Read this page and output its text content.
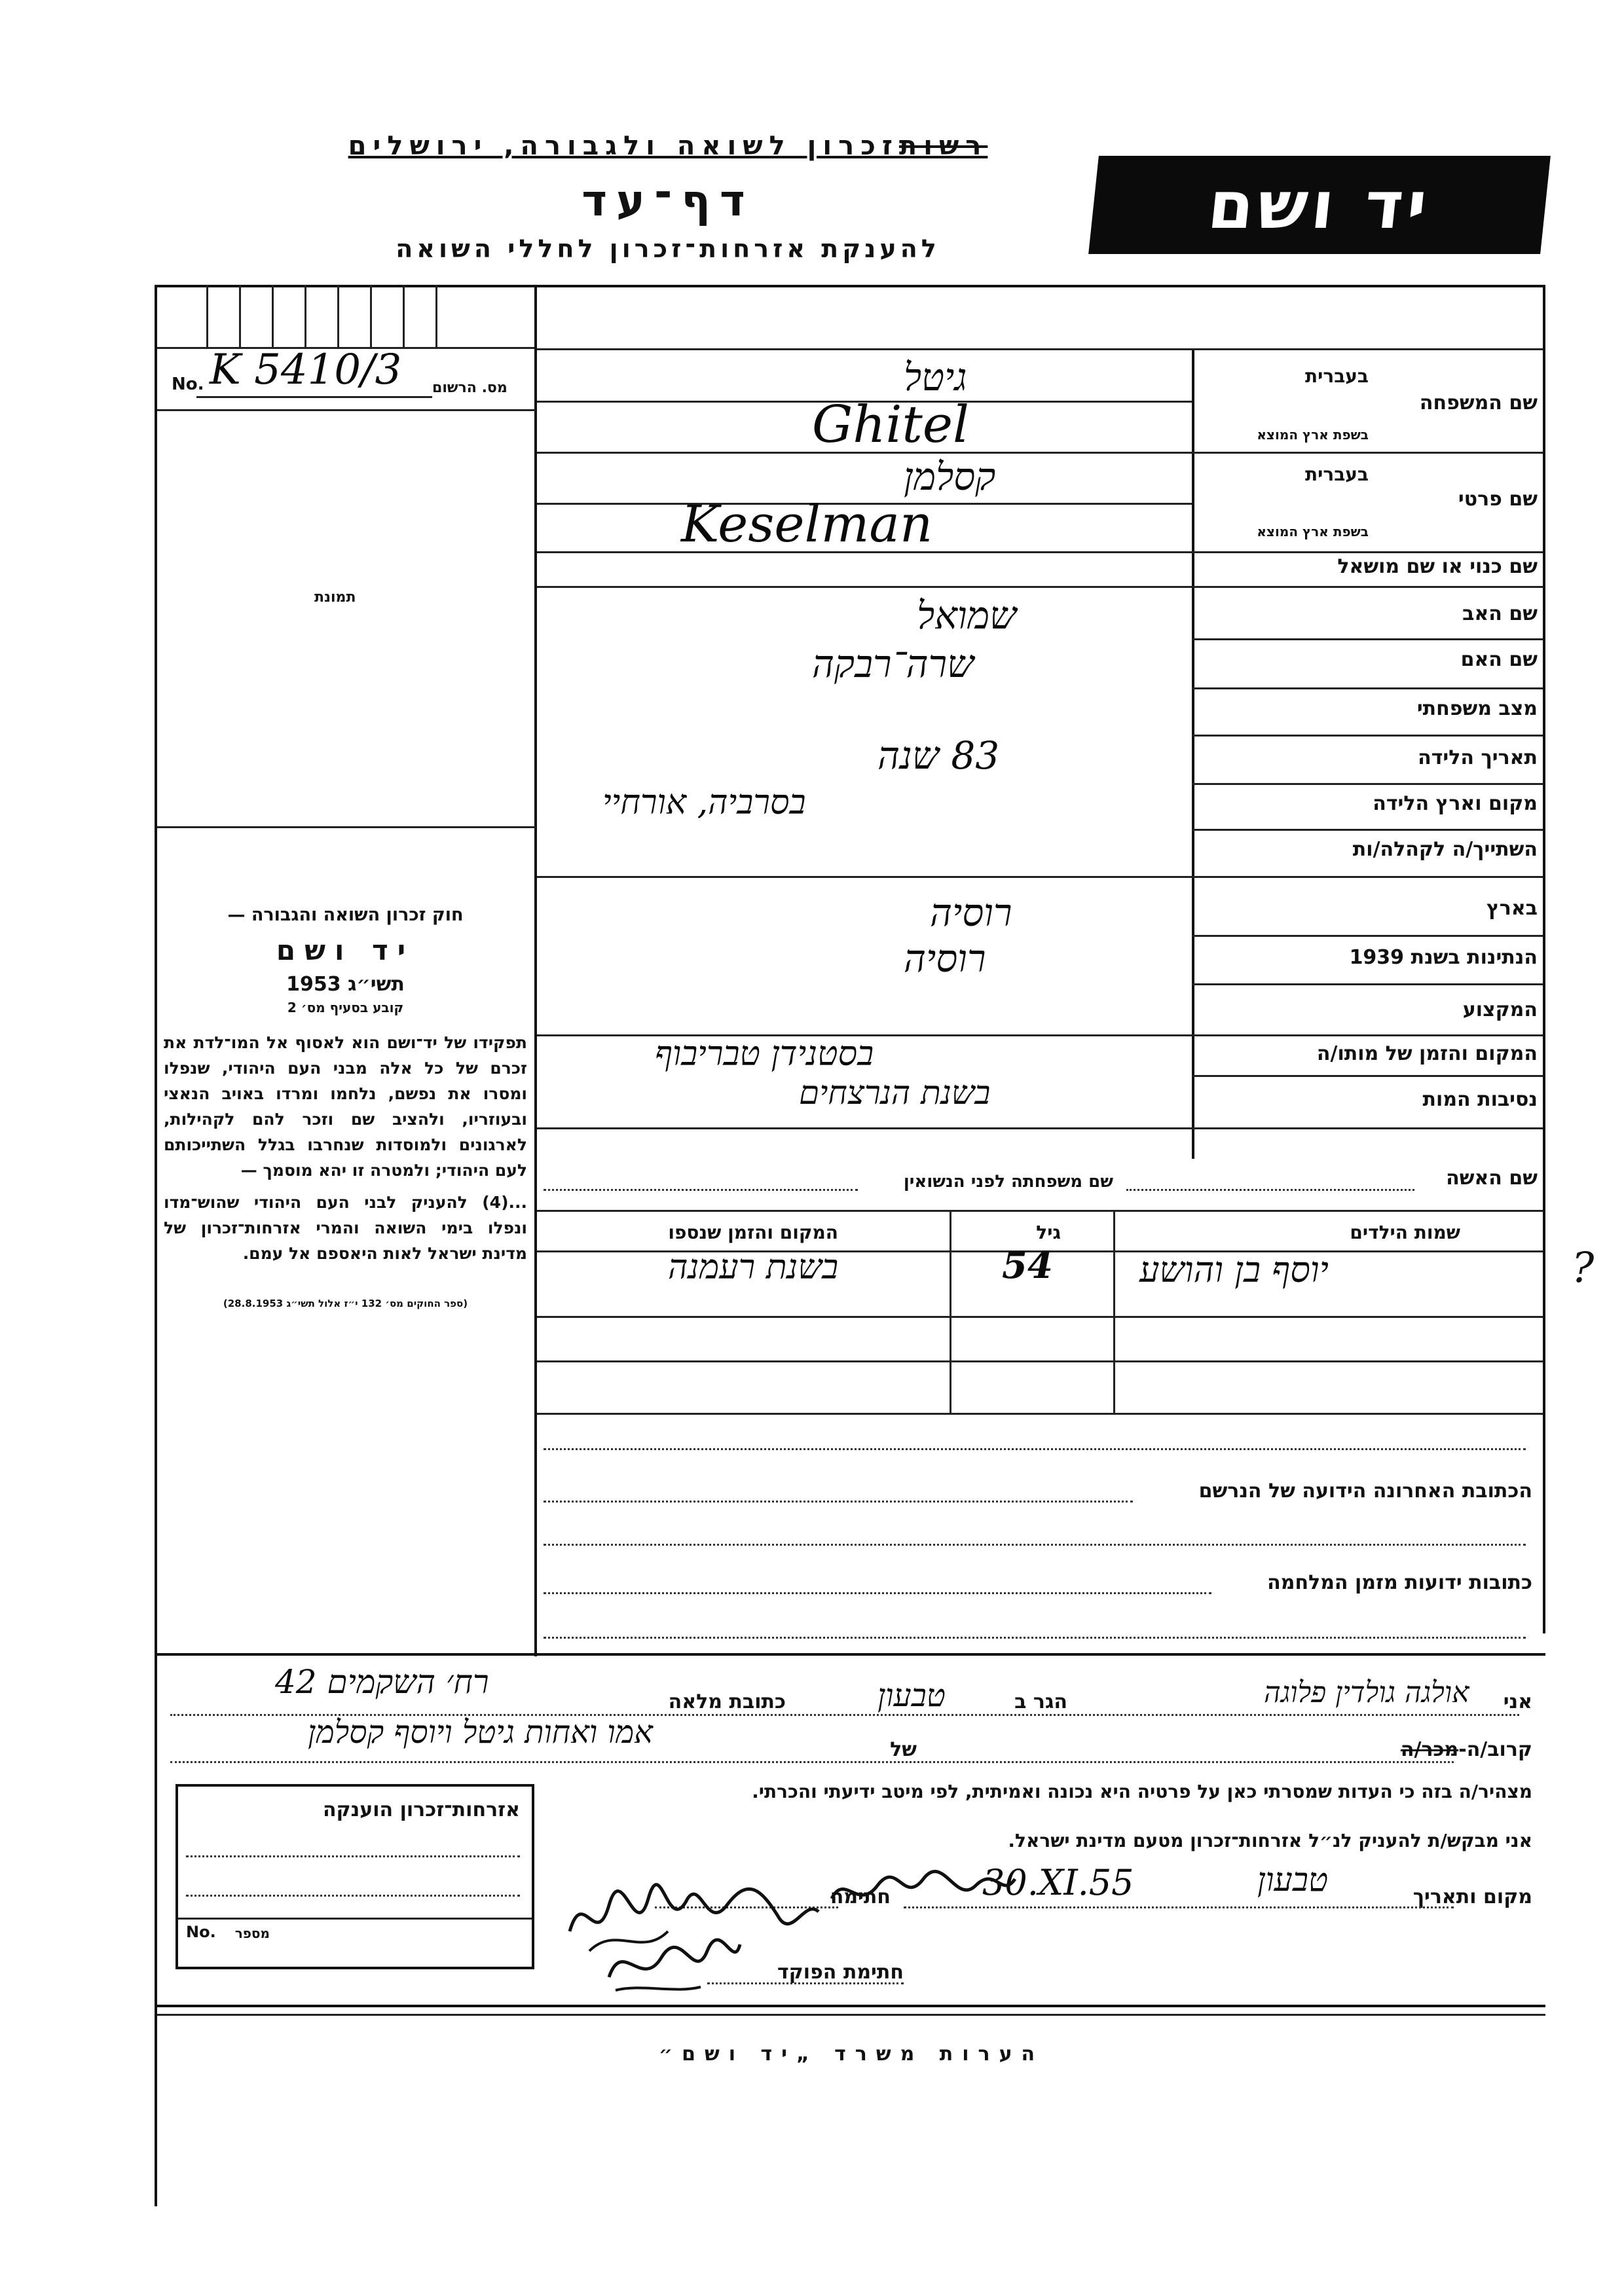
רשותזכרון לשואה ולגבורה, ירושלים
דף־עד
להענקת אזרחות־זכרון לחללי השואה
יד ושם
No. K 5410/3 מס. הרשום
תמונת
שם המשפחה
בעברית
בשפת ארץ המוצא
גיטל
Ghitel
שם פרטי
בעברית
בשפת ארץ המוצא
קסלמן
Keselman
שם כנוי או שם מושאל
שם האב
שמואל
שם האם
שרה־רבקה
מצב משפחתי
תאריך הלידה
83 שנה
מקום וארץ הלידה
בסרביה, אורחיי
השתייך/ה לקהלה/ות
בארץ
רוסיה
הנתינות בשנת 1939
רוסיה
המקצוע
המקום והזמן של מותו/ה
בסטנידן טבריבוף
נסיבות המות
בשנת הנרצחים
שם האשה
שם משפחתה לפני הנשואין
שמות הילדים
גיל
המקום והזמן שנספו
יוסף בן והושע
54
בשנת רעמנה	?
הכתובת האחרונה הידועה של הנרשם
כתובות ידועות מזמן המלחמה

חוק זכרון השואה והגבורה —

יד ושם

תשי״ג 1953

קובע בסעיף מס׳ 2

תפקידו של יד־ושם הוא לאסוף אל המו־לדת את זכרם של כל אלה מבני העם היהודי, שנפלו ומסרו את נפשם, נלחמו ומרדו באויב הנאצי ובעוזריו, ולהציב שם וזכר להם לקהילות, לארגונים ולמוסדות שנחרבו בגלל השתייכותם לעם היהודי; ולמטרה זו יהא מוסמך —

...(4) להעניק לבני העם היהודי שהוש־מדו ונפלו בימי השואה והמרי אזרחות־זכרון של מדינת ישראל לאות היאספם אל עמם.

(ספר החוקים מס׳ 132 י״ז אלול תשי״ג 28.8.1953)

אני
אולגה גולדין פלוגה
הגר ב
טבעון
כתובת מלאה
רח׳ השקמים 42
קרוב/ה-מכר/ה
של
אמו ואחות גיטל ויוסף קסלמן
מצהיר/ה בזה כי העדות שמסרתי כאן על פרטיה היא נכונה ואמיתית, לפי מיטב ידיעתי והכרתי.
אני מבקש/ת להעניק לנ״ל אזרחות־זכרון מטעם מדינת ישראל.
מקום ותאריך
טבעון
30.XI.55
חתימה
חתימת הפוקד
אזרחות־זכרון הוענקה
No. מספר
הערות משרד „יד ושם״
